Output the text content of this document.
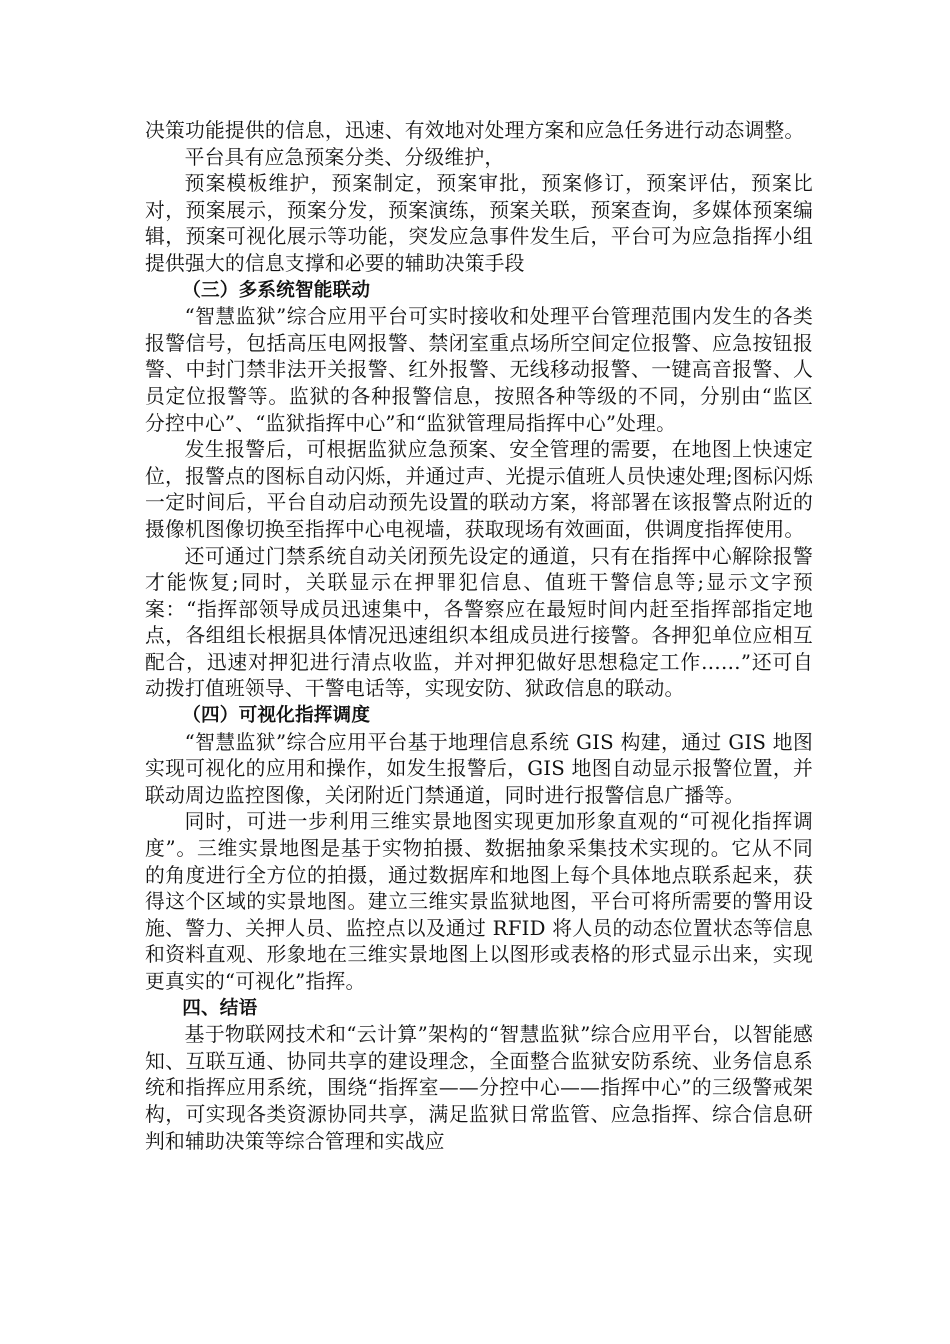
决策功能提供的信息，迅速、有效地对处理方案和应急任务进行动态调整。

平台具有应急预案分类、分级维护，

预案模板维护，预案制定，预案审批，预案修订，预案评估，预案比对，预案展示，预案分发，预案演练，预案关联，预案查询，多媒体预案编辑，预案可视化展示等功能，突发应急事件发生后，平台可为应急指挥小组提供强大的信息支撑和必要的辅助决策手段

（三）多系统智能联动

“智慧监狱”综合应用平台可实时接收和处理平台管理范围内发生的各类报警信号，包括高压电网报警、禁闭室重点场所空间定位报警、应急按钮报警、中封门禁非法开关报警、红外报警、无线移动报警、一键高音报警、人员定位报警等。监狱的各种报警信息，按照各种等级的不同，分别由“监区分控中心”、“监狱指挥中心”和“监狱管理局指挥中心”处理。

发生报警后，可根据监狱应急预案、安全管理的需要，在地图上快速定位，报警点的图标自动闪烁，并通过声、光提示值班人员快速处理;图标闪烁一定时间后，平台自动启动预先设置的联动方案，将部署在该报警点附近的摄像机图像切换至指挥中心电视墙，获取现场有效画面，供调度指挥使用。

还可通过门禁系统自动关闭预先设定的通道，只有在指挥中心解除报警才能恢复;同时，关联显示在押罪犯信息、值班干警信息等;显示文字预案：“指挥部领导成员迅速集中，各警察应在最短时间内赶至指挥部指定地点，各组组长根据具体情况迅速组织本组成员进行接警。各押犯单位应相互配合，迅速对押犯进行清点收监，并对押犯做好思想稳定工作……”还可自动拨打值班领导、干警电话等，实现安防、狱政信息的联动。

（四）可视化指挥调度

“智慧监狱”综合应用平台基于地理信息系统 GIS 构建，通过 GIS 地图实现可视化的应用和操作，如发生报警后，GIS 地图自动显示报警位置，并联动周边监控图像，关闭附近门禁通道，同时进行报警信息广播等。

同时，可进一步利用三维实景地图实现更加形象直观的“可视化指挥调度”。三维实景地图是基于实物拍摄、数据抽象采集技术实现的。它从不同的角度进行全方位的拍摄，通过数据库和地图上每个具体地点联系起来，获得这个区域的实景地图。建立三维实景监狱地图，平台可将所需要的警用设施、警力、关押人员、监控点以及通过 RFID 将人员的动态位置状态等信息和资料直观、形象地在三维实景地图上以图形或表格的形式显示出来，实现更真实的“可视化”指挥。

四、结语

基于物联网技术和“云计算”架构的“智慧监狱”综合应用平台，以智能感知、互联互通、协同共享的建设理念，全面整合监狱安防系统、业务信息系统和指挥应用系统，围绕“指挥室——分控中心——指挥中心”的三级警戒架构，可实现各类资源协同共享，满足监狱日常监管、应急指挥、综合信息研判和辅助决策等综合管理和实战应
